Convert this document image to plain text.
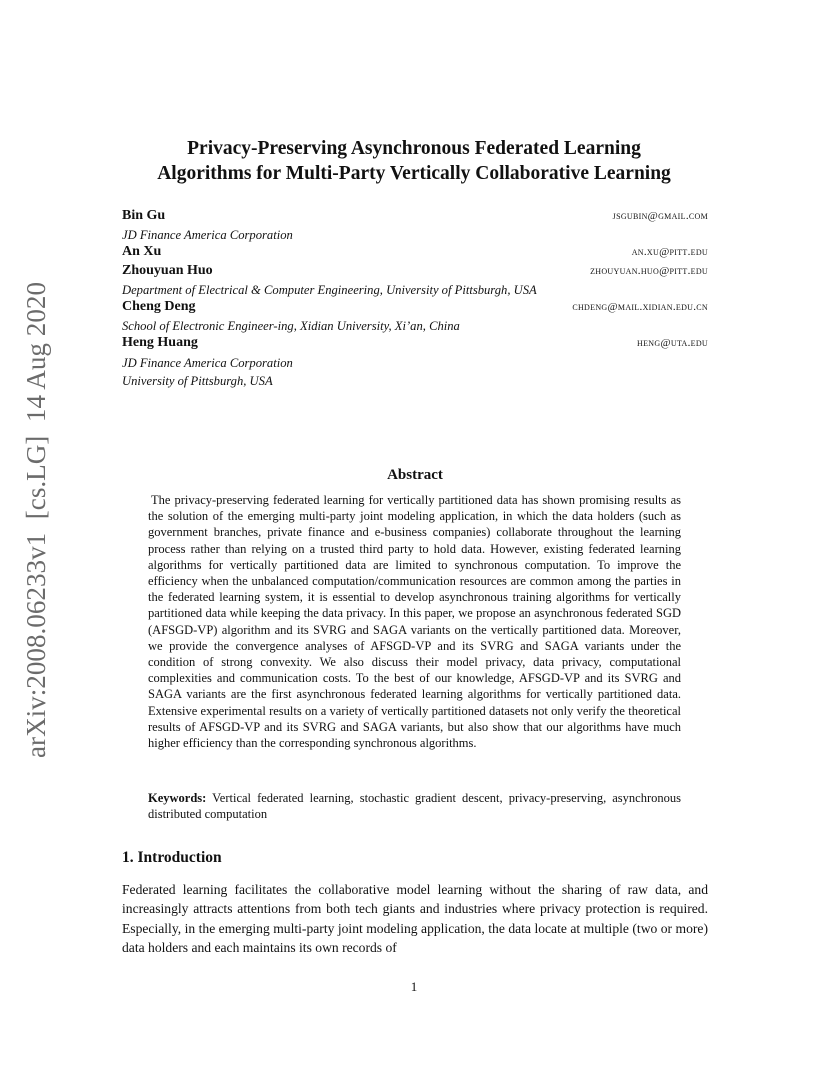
arXiv:2008.06233v1  [cs.LG]  14 Aug 2020
Privacy-Preserving Asynchronous Federated Learning
Algorithms for Multi-Party Vertically Collaborative Learning
Bin Gu	jsgubin@gmail.com
JD Finance America Corporation
An Xu	an.xu@pitt.edu
Zhouyuan Huo	zhouyuan.huo@pitt.edu
Department of Electrical & Computer Engineering, University of Pittsburgh, USA
Cheng Deng	chdeng@mail.xidian.edu.cn
School of Electronic Engineer-ing, Xidian University, Xi’an, China
Heng Huang	heng@uta.edu
JD Finance America Corporation
University of Pittsburgh, USA
Abstract

The privacy-preserving federated learning for vertically partitioned data has shown promising results as the solution of the emerging multi-party joint modeling application, in which the data holders (such as government branches, private finance and e-business companies) collaborate throughout the learning process rather than relying on a trusted third party to hold data. However, existing federated learning algorithms for vertically partitioned data are limited to synchronous computation. To improve the efficiency when the unbalanced computation/communication resources are common among the parties in the federated learning system, it is essential to develop asynchronous training algorithms for vertically partitioned data while keeping the data privacy. In this paper, we propose an asynchronous federated SGD (AFSGD-VP) algorithm and its SVRG and SAGA variants on the vertically partitioned data. Moreover, we provide the convergence analyses of AFSGD-VP and its SVRG and SAGA variants under the condition of strong convexity. We also discuss their model privacy, data privacy, computational complexities and communication costs. To the best of our knowledge, AFSGD-VP and its SVRG and SAGA variants are the first asynchronous federated learning algorithms for vertically partitioned data. Extensive experimental results on a variety of vertically partitioned datasets not only verify the theoretical results of AFSGD-VP and its SVRG and SAGA variants, but also show that our algorithms have much higher efficiency than the corresponding synchronous algorithms.

Keywords: Vertical federated learning, stochastic gradient descent, privacy-preserving, asynchronous distributed computation

1. Introduction

Federated learning facilitates the collaborative model learning without the sharing of raw data, and increasingly attracts attentions from both tech giants and industries where privacy protection is required. Especially, in the emerging multi-party joint modeling application, the data locate at multiple (two or more) data holders and each maintains its own records of

1
